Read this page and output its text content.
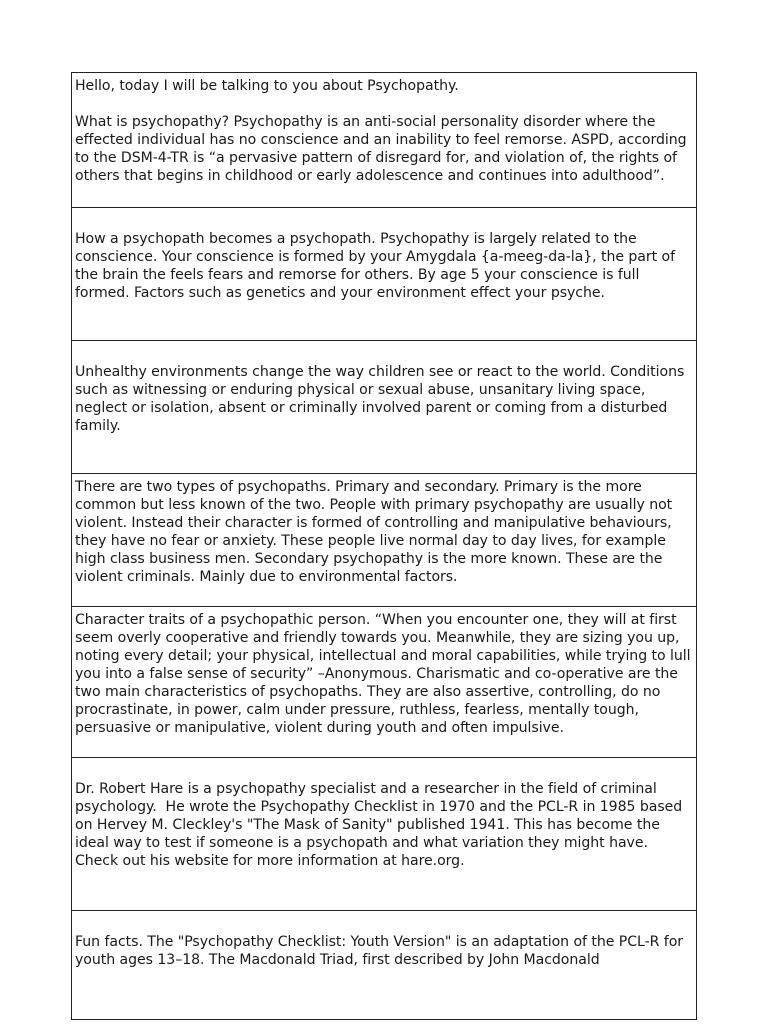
Hello, today I will be talking to you about Psychopathy.

What is psychopathy? Psychopathy is an anti-social personality disorder where the effected individual has no conscience and an inability to feel remorse. ASPD, according to the DSM-4-TR is “a pervasive pattern of disregard for, and violation of, the rights of others that begins in childhood or early adolescence and continues into adulthood”.

How a psychopath becomes a psychopath. Psychopathy is largely related to the conscience. Your conscience is formed by your Amygdala {a-meeg-da-la}, the part of the brain the feels fears and remorse for others. By age 5 your conscience is full formed. Factors such as genetics and your environment effect your psyche.

Unhealthy environments change the way children see or react to the world. Conditions such as witnessing or enduring physical or sexual abuse, unsanitary living space, neglect or isolation, absent or criminally involved parent or coming from a disturbed family.

There are two types of psychopaths. Primary and secondary. Primary is the more common but less known of the two. People with primary psychopathy are usually not violent. Instead their character is formed of controlling and manipulative behaviours, they have no fear or anxiety. These people live normal day to day lives, for example high class business men. Secondary psychopathy is the more known. These are the violent criminals. Mainly due to environmental factors.

Character traits of a psychopathic person. “When you encounter one, they will at first seem overly cooperative and friendly towards you. Meanwhile, they are sizing you up, noting every detail; your physical, intellectual and moral capabilities, while trying to lull you into a false sense of security” –Anonymous. Charismatic and co-operative are the two main characteristics of psychopaths. They are also assertive, controlling, do no procrastinate, in power, calm under pressure, ruthless, fearless, mentally tough, persuasive or manipulative, violent during youth and often impulsive.

Dr. Robert Hare is a psychopathy specialist and a researcher in the field of criminal psychology.  He wrote the Psychopathy Checklist in 1970 and the PCL-R in 1985 based on Hervey M. Cleckley's "The Mask of Sanity" published 1941. This has become the ideal way to test if someone is a psychopath and what variation they might have. Check out his website for more information at hare.org.

Fun facts. The "Psychopathy Checklist: Youth Version" is an adaptation of the PCL-R for youth ages 13–18. The Macdonald Triad, first described by John Macdonald
